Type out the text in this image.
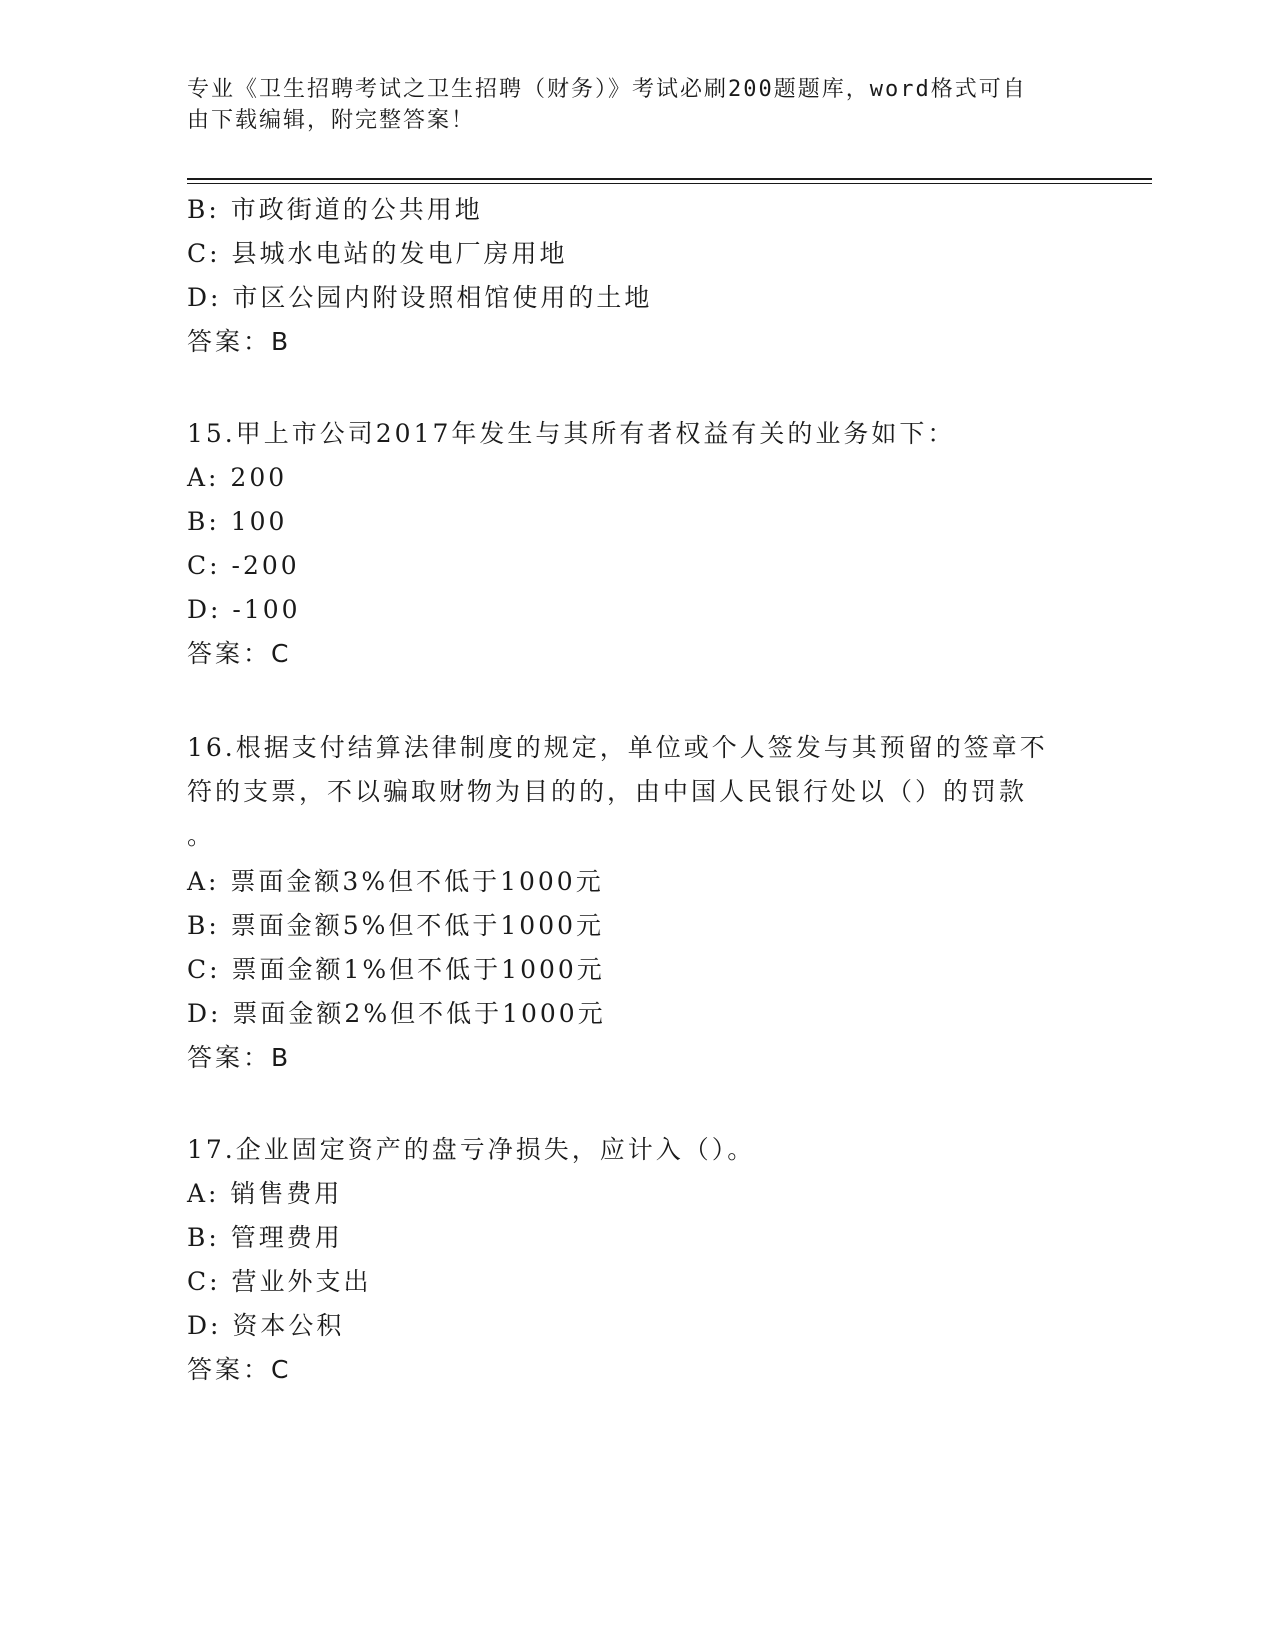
专业《卫生招聘考试之卫生招聘（财务）》考试必刷200题题库，word格式可自
由下载编辑，附完整答案！
B: 市政街道的公共用地
C: 县城水电站的发电厂房用地
D: 市区公园内附设照相馆使用的土地
答案：B
15.甲上市公司2017年发生与其所有者权益有关的业务如下：
A: 200
B: 100
C: -200
D: -100
答案：C
16.根据支付结算法律制度的规定，单位或个人签发与其预留的签章不
符的支票，不以骗取财物为目的的，由中国人民银行处以（）的罚款
。
A: 票面金额3%但不低于1000元
B: 票面金额5%但不低于1000元
C: 票面金额1%但不低于1000元
D: 票面金额2%但不低于1000元
答案：B
17.企业固定资产的盘亏净损失，应计入（）。
A: 销售费用
B: 管理费用
C: 营业外支出
D: 资本公积
答案：C
